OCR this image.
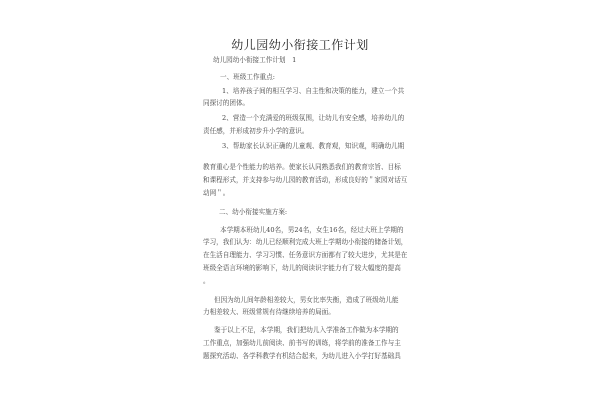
幼儿园幼小衔接工作计划
幼儿园幼小衔接工作计划　1
一、班级工作重点:
1、培养孩子间的相互学习、自主性和决策的能力，建立一个共
同探讨的团体。
2、营造一个充满爱的班级氛围，让幼儿有安全感，培养幼儿的
责任感，并形成初步升小学的意识。
3、帮助家长认识正确的儿童观、教育观，知识观，明确幼儿期
教育重心是个性能力的培养。使家长认同熟悉我们的教育宗旨、目标
和课程形式，并支持参与幼儿园的教育活动，形成良好的＂家园对话互
动网＂。
二、幼小衔接实施方案:
本学期本班幼儿40名，男24名，女生16名，经过大班上学期的
学习，我们认为：幼儿已经顺利完成大班上学期幼小衔接的储备计划，
在生活自理能力、学习习惯、任务意识方面都有了较大进步，尤其是在
班级全语言环境的影响下，幼儿的阅读识字能力有了较大幅度的提高
。
但因为幼儿间年龄相差较大，男女比率失衡，造成了班级幼儿能
力相差较大、班级常规有待继续培养的局面。
鉴于以上不足，本学期，我们把幼儿入学准备工作做为本学期的
工作重点，加强幼儿前阅读、前书写的训练，将学前的准备工作与主
题探究活动、各学科教学有机结合起来，为幼儿进入小学打好基础具
